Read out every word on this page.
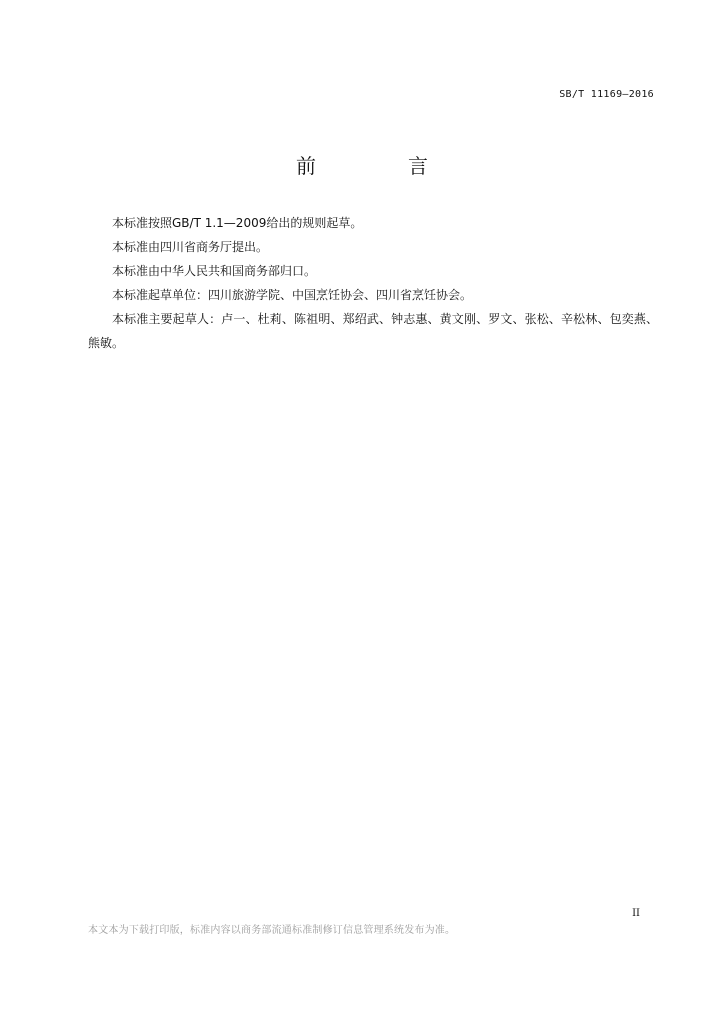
SB/T 11169—2016
前　言

本标准按照GB/T 1.1—2009给出的规则起草。

本标准由四川省商务厅提出。

本标准由中华人民共和国商务部归口。

本标准起草单位：四川旅游学院、中国烹饪协会、四川省烹饪协会。

本标准主要起草人：卢一、杜莉、陈祖明、郑绍武、钟志惠、黄文刚、罗文、张松、辛松林、包奕燕、熊敏。

II
本文本为下载打印版，标准内容以商务部流通标准制修订信息管理系统发布为准。
